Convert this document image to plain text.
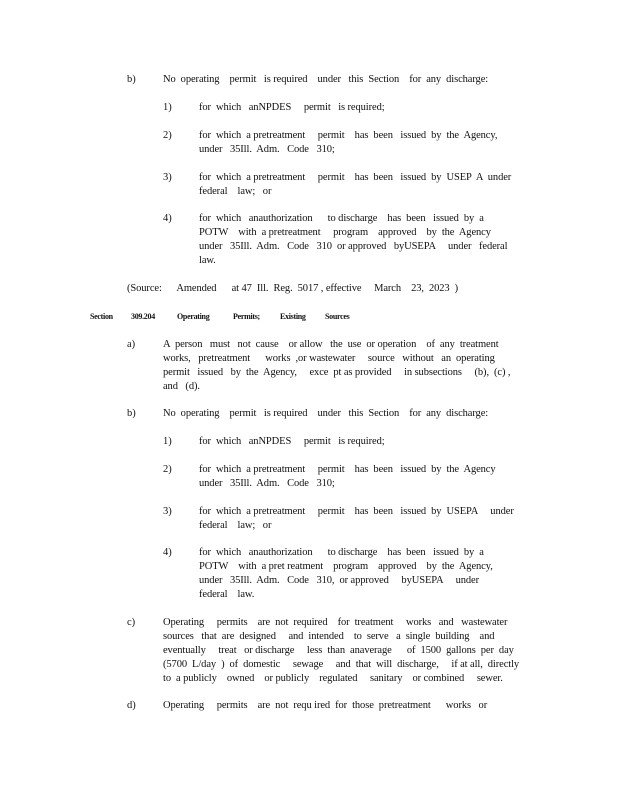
b)	No  operating    permit   is required    under   this  Section    for  any  discharge:
1)	for  which   anNPDES     permit   is required;
2)	for  which  a pretreatment     permit    has  been   issued  by  the  Agency,
under   35Ill.  Adm.   Code   310;
3)	for  which  a pretreatment     permit    has  been   issued  by  USEP  A  under
federal    law;   or
4)	for  which   anauthorization      to discharge    has  been   issued  by  a
POTW    with  a pretreatment     program    approved    by  the  Agency
under   35Ill.  Adm.   Code   310  or approved   byUSEPA     under   federal
law.
(Source:      Amended      at 47  Ill.  Reg.  5017 , effective     March    23,  2023  )
Section 309.204	Operating	Permits;	Existing Sources
a)	A  person   must   not  cause    or allow   the  use  or operation    of  any  treatment
works,   pretreatment      works  ,or wastewater     source   without   an  operating
permit   issued   by  the  Agency,     exce  pt as provided     in subsections     (b),  (c) ,
and   (d).
b)	No  operating    permit   is required    under   this  Section    for  any  discharge:
1)	for  which   anNPDES     permit   is required;
2)	for  which  a pretreatment     permit    has  been   issued  by  the  Agency
under   35Ill.  Adm.   Code   310;
3)	for  which  a pretreatment     permit    has  been   issued  by  USEPA     under
federal    law;   or
4)	for  which   anauthorization      to discharge    has  been   issued  by  a
POTW    with  a pret reatment    program    approved    by  the  Agency,
under   35Ill.  Adm.   Code   310,  or approved     byUSEPA     under
federal    law.
c)	Operating     permits    are  not  required    for  treatment     works   and   wastewater
sources   that  are  designed     and  intended    to  serve   a  single  building    and
eventually     treat   or discharge     less  than  anaverage      of  1500  gallons  per  day
(5700  L/day  )  of  domestic     sewage     and  that  will  discharge,     if at all,  directly
to  a publicly    owned    or publicly    regulated     sanitary    or combined     sewer.
d)	Operating     permits    are  not  requ ired  for  those  pretreatment      works   or
